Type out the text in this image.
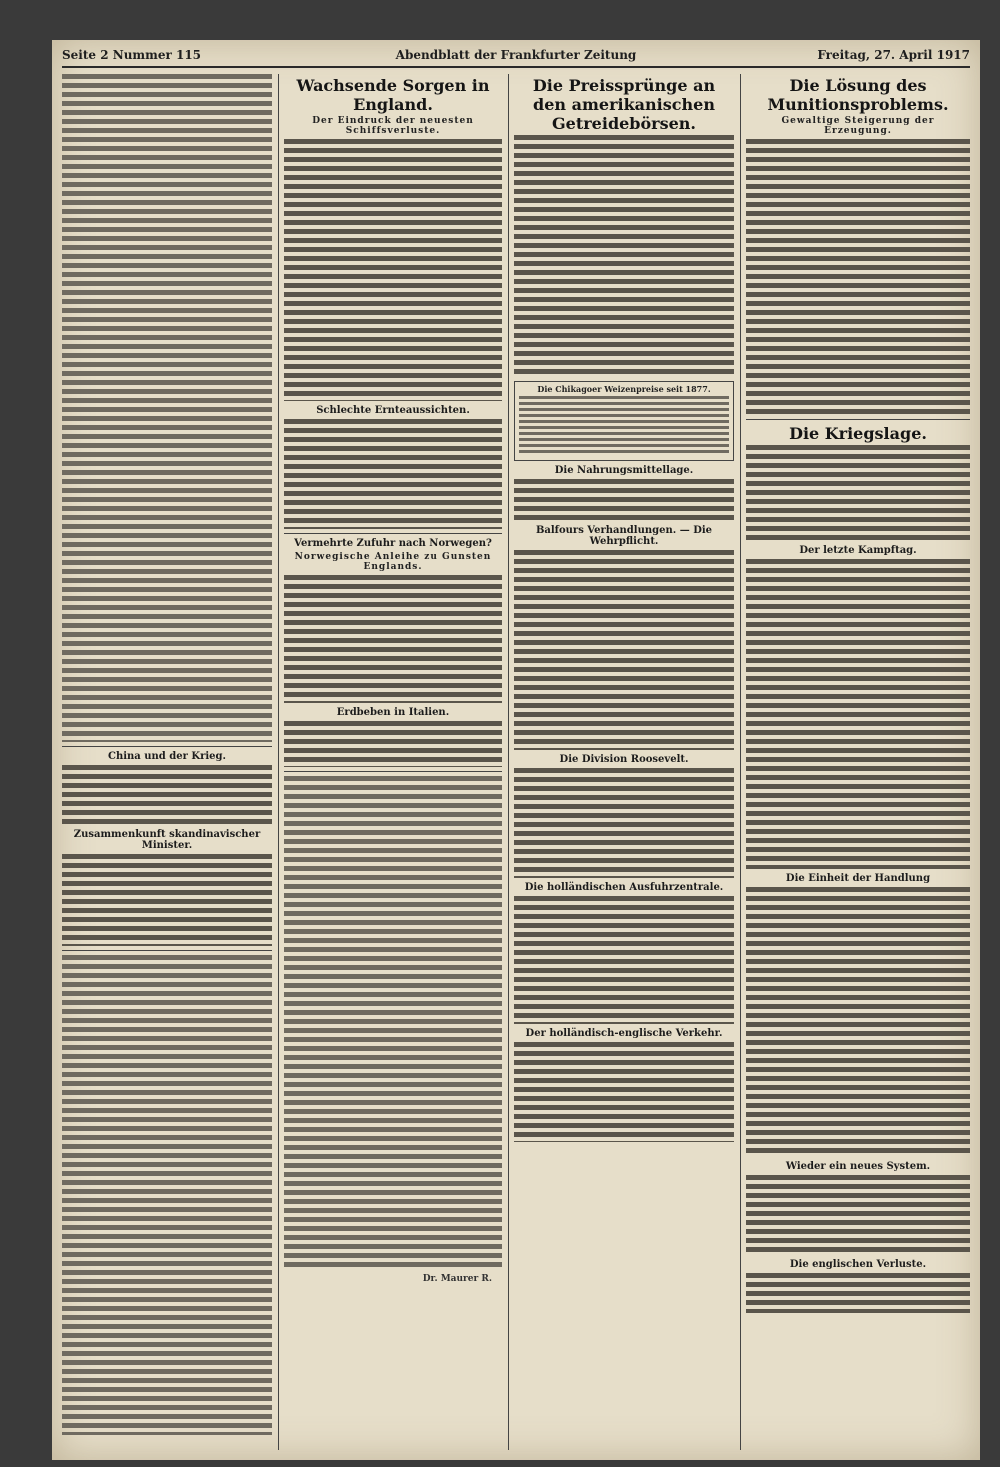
Seite 2 Nummer 115	Abendblatt der Frankfurter Zeitung	Freitag, 27. April 1917
China und der Krieg.
Zusammenkunft skandinavischer Minister.
Wachsende Sorgen in England.
Der Eindruck der neuesten Schiffsverluste.
Schlechte Ernteaussichten.
Vermehrte Zufuhr nach Norwegen?
Norwegische Anleihe zu Gunsten Englands.
Erdbeben in Italien.
Dr. Maurer R.
Die Preissprünge an den amerikanischen Getreidebörsen.
Die Chikagoer Weizenpreise seit 1877.
Die Nahrungsmittellage.
Balfours Verhandlungen. — Die Wehrpflicht.
Die Division Roosevelt.
Die holländischen Ausfuhrzentrale.
Der holländisch-englische Verkehr.
Die Lösung des Munitionsproblems.
Gewaltige Steigerung der Erzeugung.
Die Kriegslage.
Der letzte Kampftag.
Die Einheit der Handlung
Wieder ein neues System.
Die englischen Verluste.
